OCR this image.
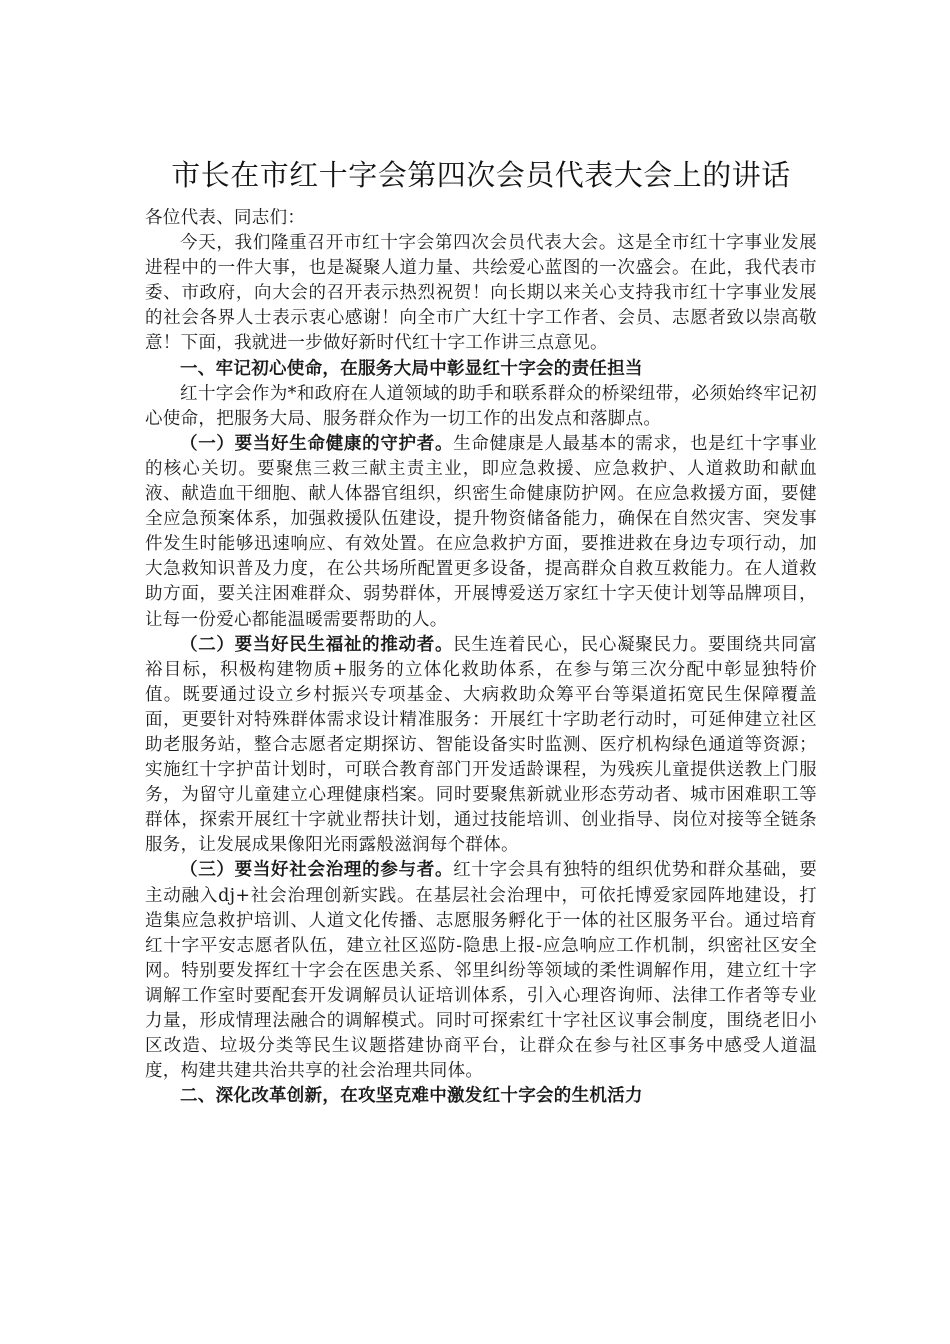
市长在市红十字会第四次会员代表大会上的讲话

各位代表、同志们：

今天，我们隆重召开市红十字会第四次会员代表大会。这是全市红十字事业发展进程中的一件大事，也是凝聚人道力量、共绘爱心蓝图的一次盛会。在此，我代表市委、市政府，向大会的召开表示热烈祝贺！向长期以来关心支持我市红十字事业发展的社会各界人士表示衷心感谢！向全市广大红十字工作者、会员、志愿者致以崇高敬意！下面，我就进一步做好新时代红十字工作讲三点意见。

一、牢记初心使命，在服务大局中彰显红十字会的责任担当

红十字会作为*和政府在人道领域的助手和联系群众的桥梁纽带，必须始终牢记初心使命，把服务大局、服务群众作为一切工作的出发点和落脚点。

（一）要当好生命健康的守护者。生命健康是人最基本的需求，也是红十字事业的核心关切。要聚焦三救三献主责主业，即应急救援、应急救护、人道救助和献血液、献造血干细胞、献人体器官组织，织密生命健康防护网。在应急救援方面，要健全应急预案体系，加强救援队伍建设，提升物资储备能力，确保在自然灾害、突发事件发生时能够迅速响应、有效处置。在应急救护方面，要推进救在身边专项行动，加大急救知识普及力度，在公共场所配置更多设备，提高群众自救互救能力。在人道救助方面，要关注困难群众、弱势群体，开展博爱送万家红十字天使计划等品牌项目，让每一份爱心都能温暖需要帮助的人。

（二）要当好民生福祉的推动者。民生连着民心，民心凝聚民力。要围绕共同富裕目标，积极构建物质+服务的立体化救助体系，在参与第三次分配中彰显独特价值。既要通过设立乡村振兴专项基金、大病救助众筹平台等渠道拓宽民生保障覆盖面，更要针对特殊群体需求设计精准服务：开展红十字助老行动时，可延伸建立社区助老服务站，整合志愿者定期探访、智能设备实时监测、医疗机构绿色通道等资源；实施红十字护苗计划时，可联合教育部门开发适龄课程，为残疾儿童提供送教上门服务，为留守儿童建立心理健康档案。同时要聚焦新就业形态劳动者、城市困难职工等群体，探索开展红十字就业帮扶计划，通过技能培训、创业指导、岗位对接等全链条服务，让发展成果像阳光雨露般滋润每个群体。

（三）要当好社会治理的参与者。红十字会具有独特的组织优势和群众基础，要主动融入dj+社会治理创新实践。在基层社会治理中，可依托博爱家园阵地建设，打造集应急救护培训、人道文化传播、志愿服务孵化于一体的社区服务平台。通过培育红十字平安志愿者队伍，建立社区巡防-隐患上报-应急响应工作机制，织密社区安全网。特别要发挥红十字会在医患关系、邻里纠纷等领域的柔性调解作用，建立红十字调解工作室时要配套开发调解员认证培训体系，引入心理咨询师、法律工作者等专业力量，形成情理法融合的调解模式。同时可探索红十字社区议事会制度，围绕老旧小区改造、垃圾分类等民生议题搭建协商平台，让群众在参与社区事务中感受人道温度，构建共建共治共享的社会治理共同体。

二、深化改革创新，在攻坚克难中激发红十字会的生机活力
